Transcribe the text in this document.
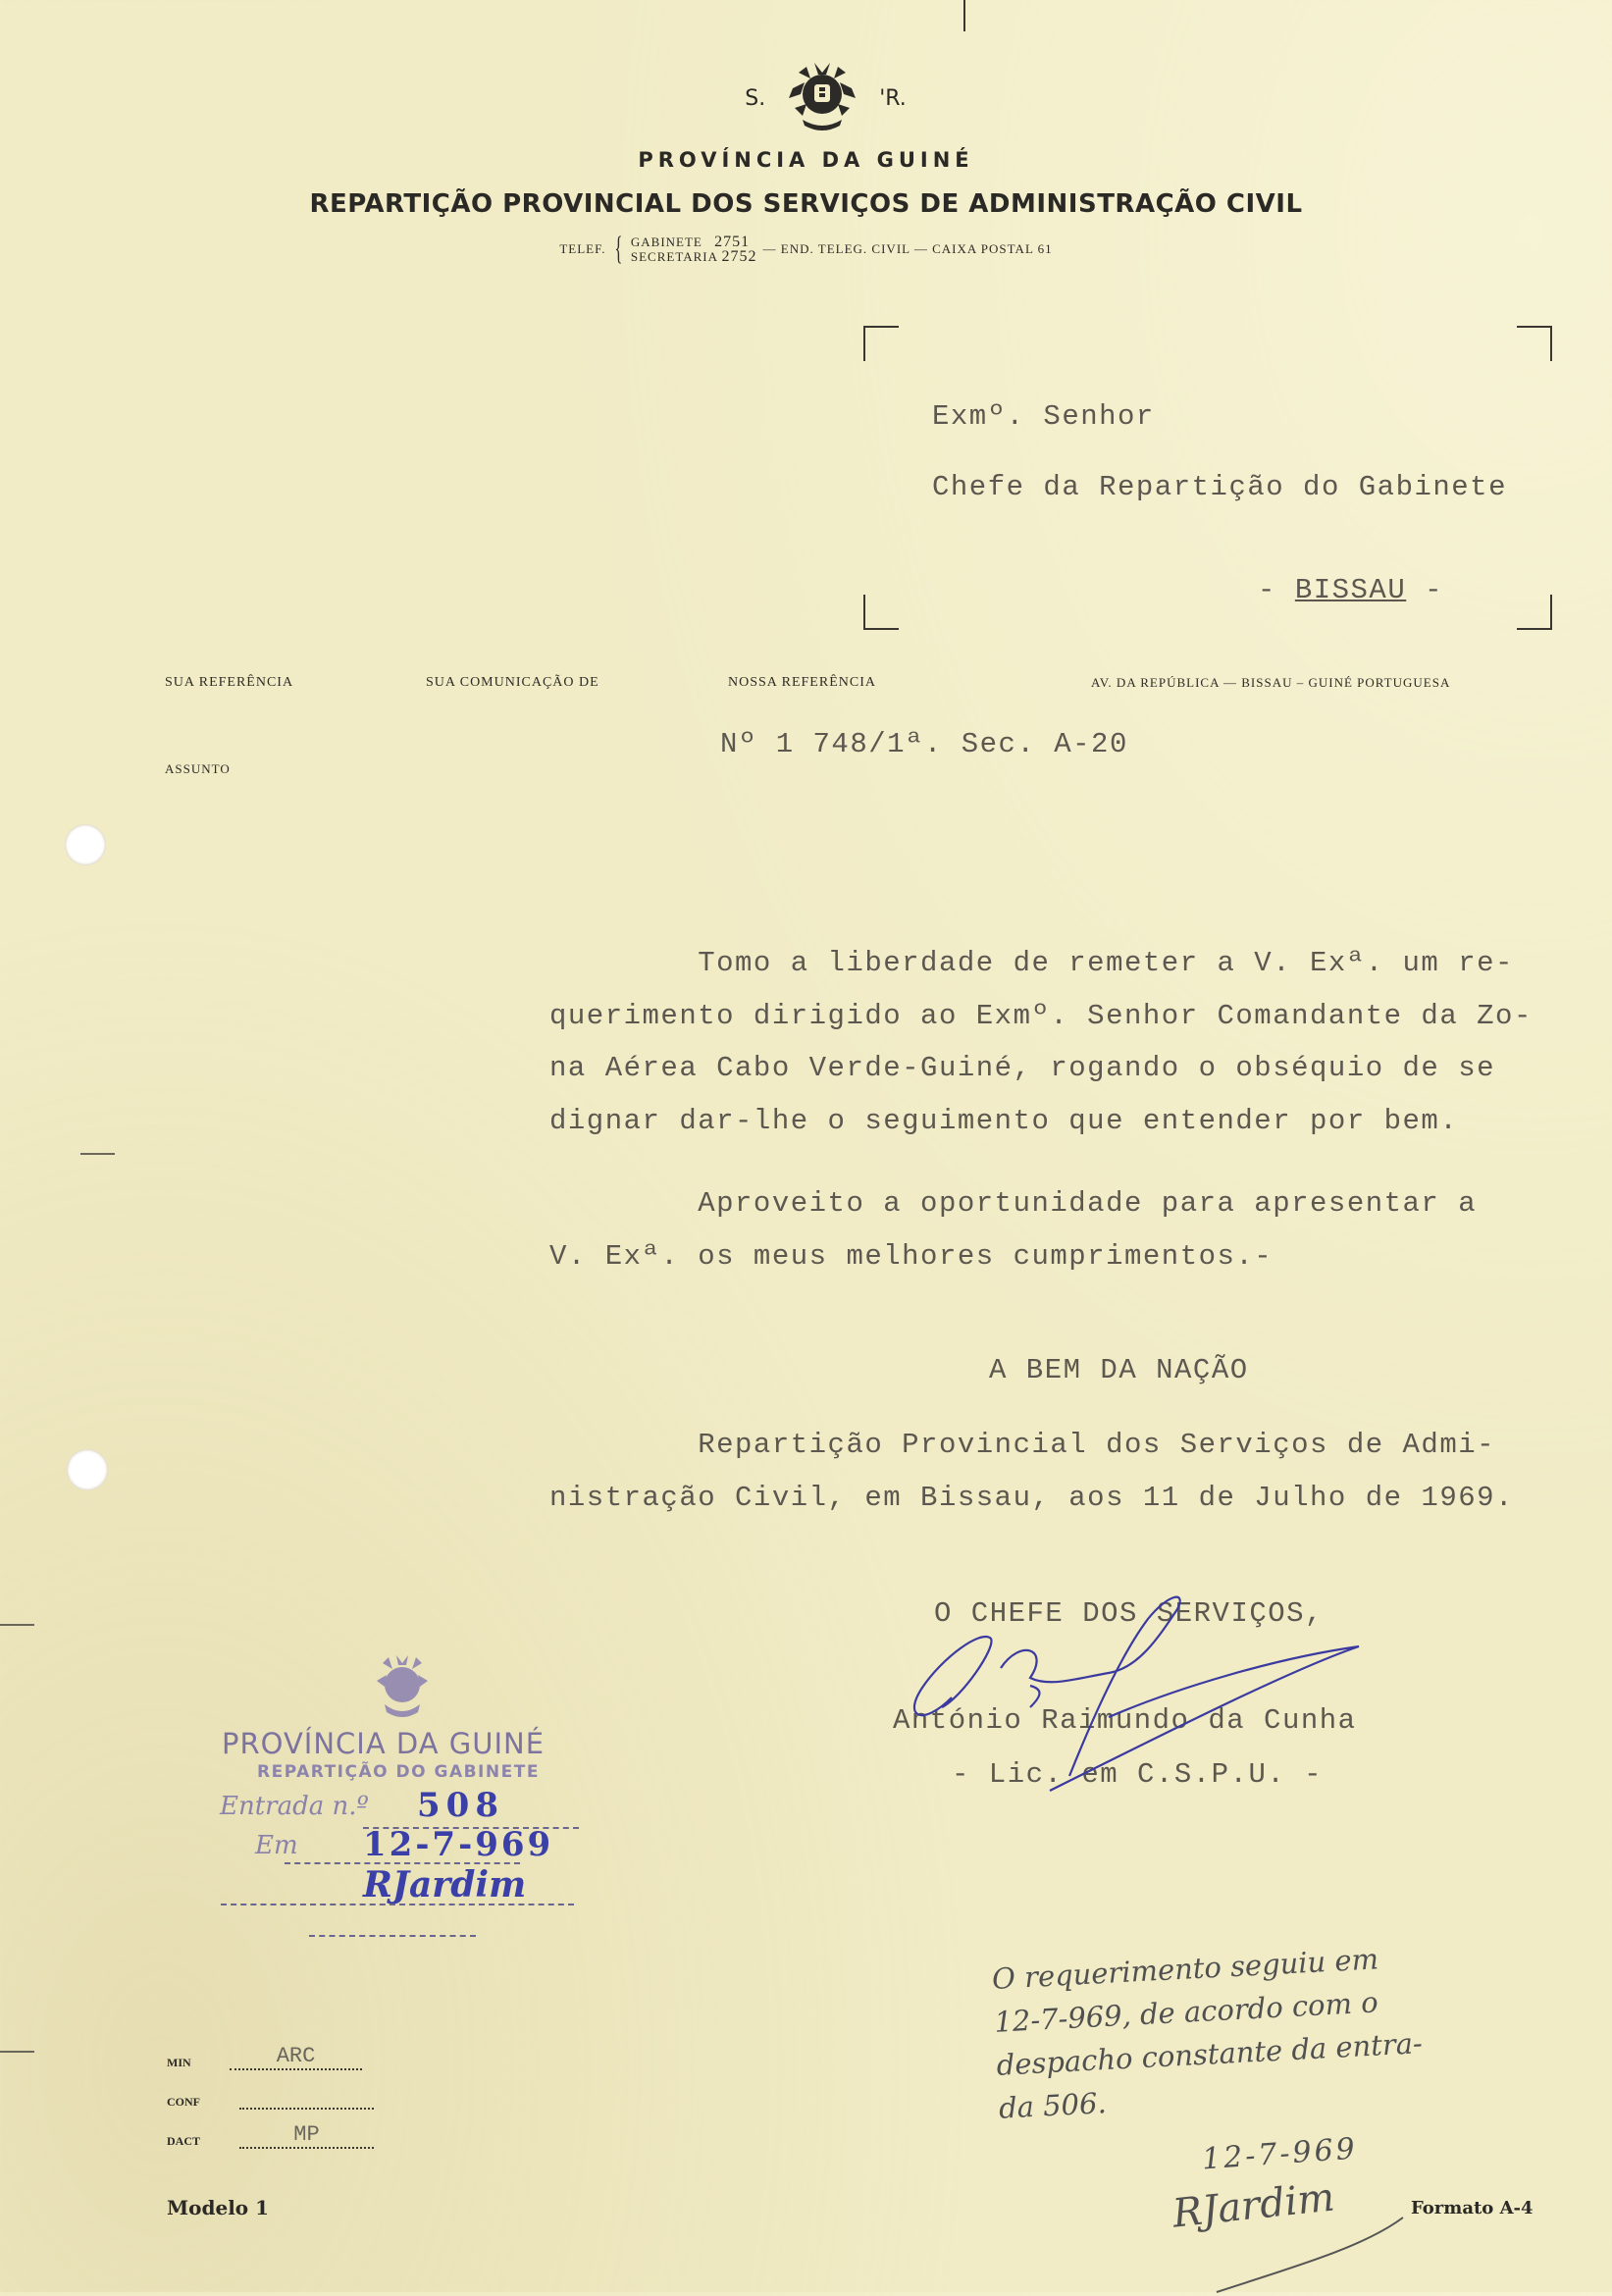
S.	'R.
PROVÍNCIA DA GUINÉ
REPARTIÇÃO PROVINCIAL DOS SERVIÇOS DE ADMINISTRAÇÃO CIVIL
TELEF. { GABINETE 2751
SECRETARIA 2752 — END. TELEG. CIVIL — CAIXA POSTAL 61
Exmº. Senhor
Chefe da Repartição do Gabinete
- BISSAU -
SUA REFERÊNCIA	SUA COMUNICAÇÃO DE	NOSSA REFERÊNCIA	AV. DA REPÚBLICA — BISSAU – GUINÉ PORTUGUESA
ASSUNTO
Nº 1 748/1ª. Sec. A-20
Tomo a liberdade de remeter a V. Exª. um re-
querimento dirigido ao Exmº. Senhor Comandante da Zo-
na Aérea Cabo Verde-Guiné, rogando o obséquio de se
dignar dar-lhe o seguimento que entender por bem.
Aproveito a oportunidade para apresentar a
V. Exª. os meus melhores cumprimentos.-
A BEM DA NAÇÃO
Repartição Provincial dos Serviços de Admi-
nistração Civil, em Bissau, aos 11 de Julho de 1969.
O CHEFE DOS SERVIÇOS,
António Raimundo da Cunha
- Lic. em C.S.P.U. -
PROVÍNCIA DA GUINÉ
REPARTIÇÃO DO GABINETE
Entrada n.º 508
Em 12-7-969
RJardim
MIN	ARC
CONF
DACT	MP
O requerimento seguiu em
12-7-969, de acordo com o
despacho constante da entra-
da 506.
12-7-969
RJardim
Modelo 1	Formato A-4
